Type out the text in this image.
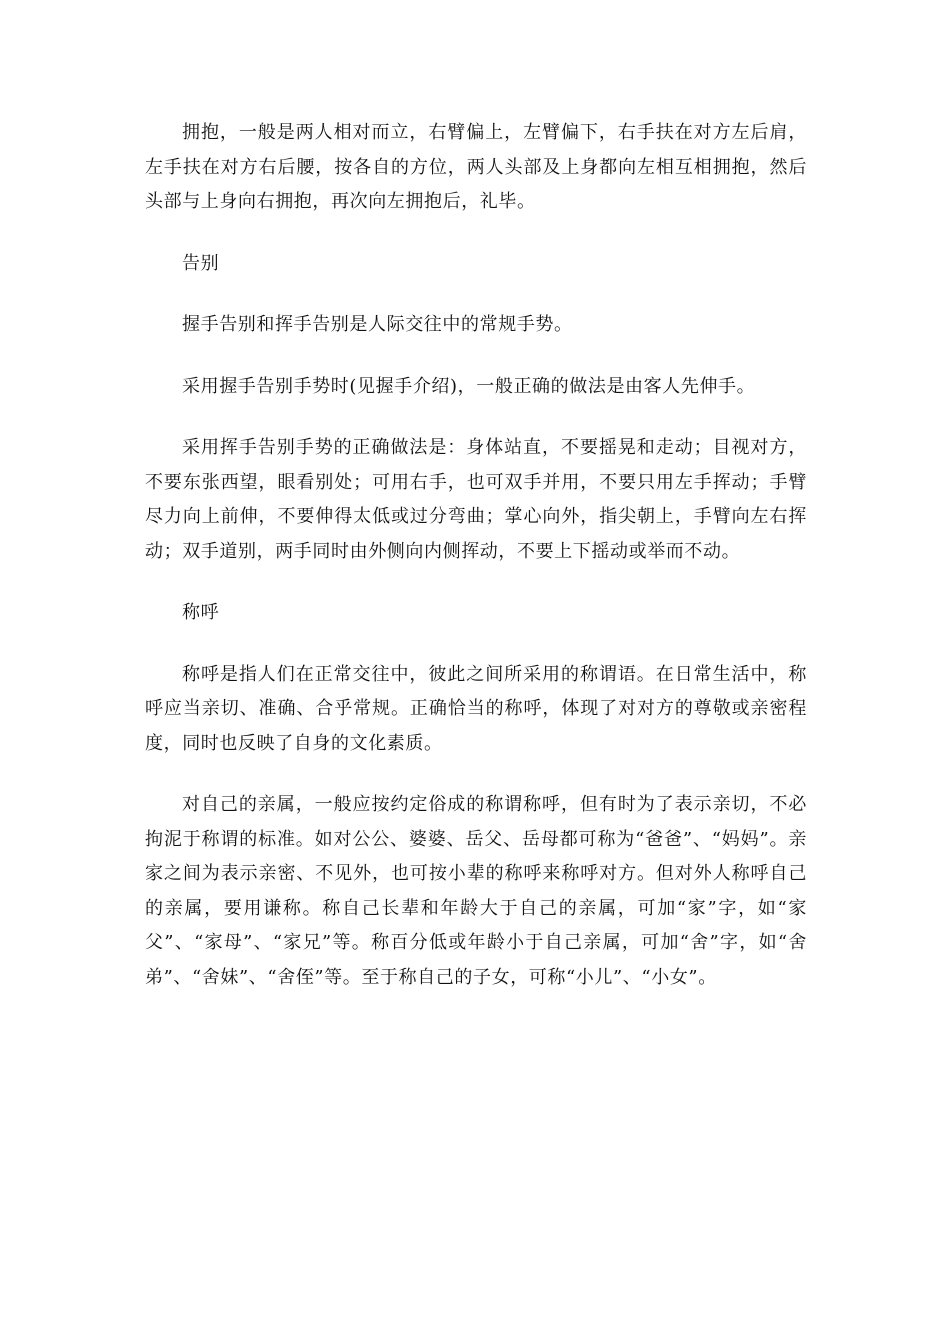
拥抱，一般是两人相对而立，右臂偏上，左臂偏下，右手扶在对方左后肩，左手扶在对方右后腰，按各自的方位，两人头部及上身都向左相互相拥抱，然后头部与上身向右拥抱，再次向左拥抱后，礼毕。

告别

握手告别和挥手告别是人际交往中的常规手势。

采用握手告别手势时(见握手介绍)，一般正确的做法是由客人先伸手。

采用挥手告别手势的正确做法是：身体站直，不要摇晃和走动；目视对方，不要东张西望，眼看别处；可用右手，也可双手并用，不要只用左手挥动；手臂尽力向上前伸，不要伸得太低或过分弯曲；掌心向外，指尖朝上，手臂向左右挥动；双手道别，两手同时由外侧向内侧挥动，不要上下摇动或举而不动。

称呼

称呼是指人们在正常交往中，彼此之间所采用的称谓语。在日常生活中，称呼应当亲切、准确、合乎常规。正确恰当的称呼，体现了对对方的尊敬或亲密程度，同时也反映了自身的文化素质。

对自己的亲属，一般应按约定俗成的称谓称呼，但有时为了表示亲切，不必拘泥于称谓的标准。如对公公、婆婆、岳父、岳母都可称为“爸爸”、“妈妈”。亲家之间为表示亲密、不见外，也可按小辈的称呼来称呼对方。但对外人称呼自己的亲属，要用谦称。称自己长辈和年龄大于自己的亲属，可加“家”字，如“家父”、“家母”、“家兄”等。称百分低或年龄小于自己亲属，可加“舍”字，如“舍弟”、“舍妹”、“舍侄”等。至于称自己的子女，可称“小儿”、“小女”。
